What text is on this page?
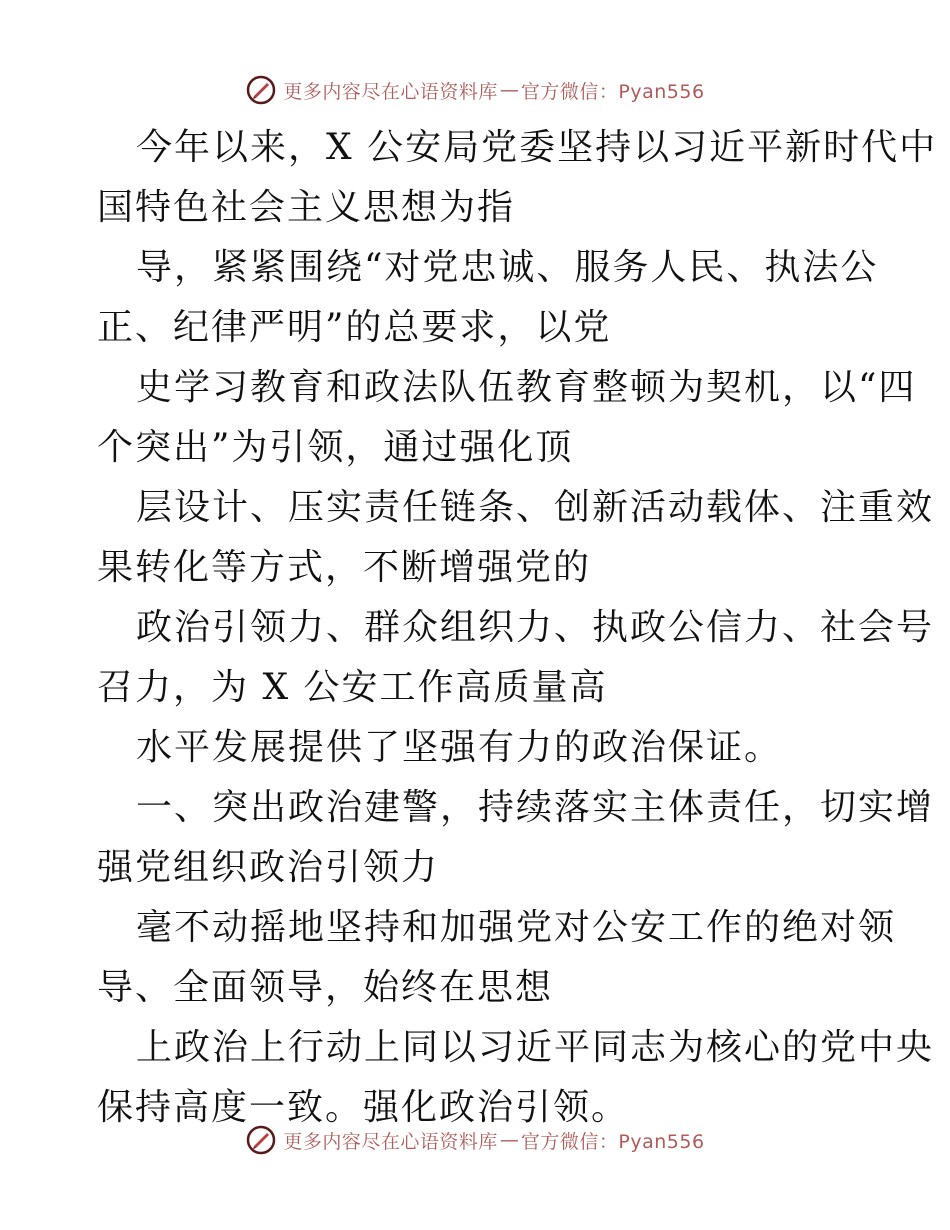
更多内容尽在心语资料库 — 官方微信：Pyan556
今年以来，X 公安局党委坚持以习近平新时代中
国特色社会主义思想为指
导，紧紧围绕“对党忠诚、服务人民、执法公
正、纪律严明”的总要求，以党
史学习教育和政法队伍教育整顿为契机，以“四
个突出”为引领，通过强化顶
层设计、压实责任链条、创新活动载体、注重效
果转化等方式，不断增强党的
政治引领力、群众组织力、执政公信力、社会号
召力，为 X 公安工作高质量高
水平发展提供了坚强有力的政治保证。
一、突出政治建警，持续落实主体责任，切实增
强党组织政治引领力
毫不动摇地坚持和加强党对公安工作的绝对领
导、全面领导，始终在思想
上政治上行动上同以习近平同志为核心的党中央
保持高度一致。强化政治引领。
更多内容尽在心语资料库 — 官方微信：Pyan556
